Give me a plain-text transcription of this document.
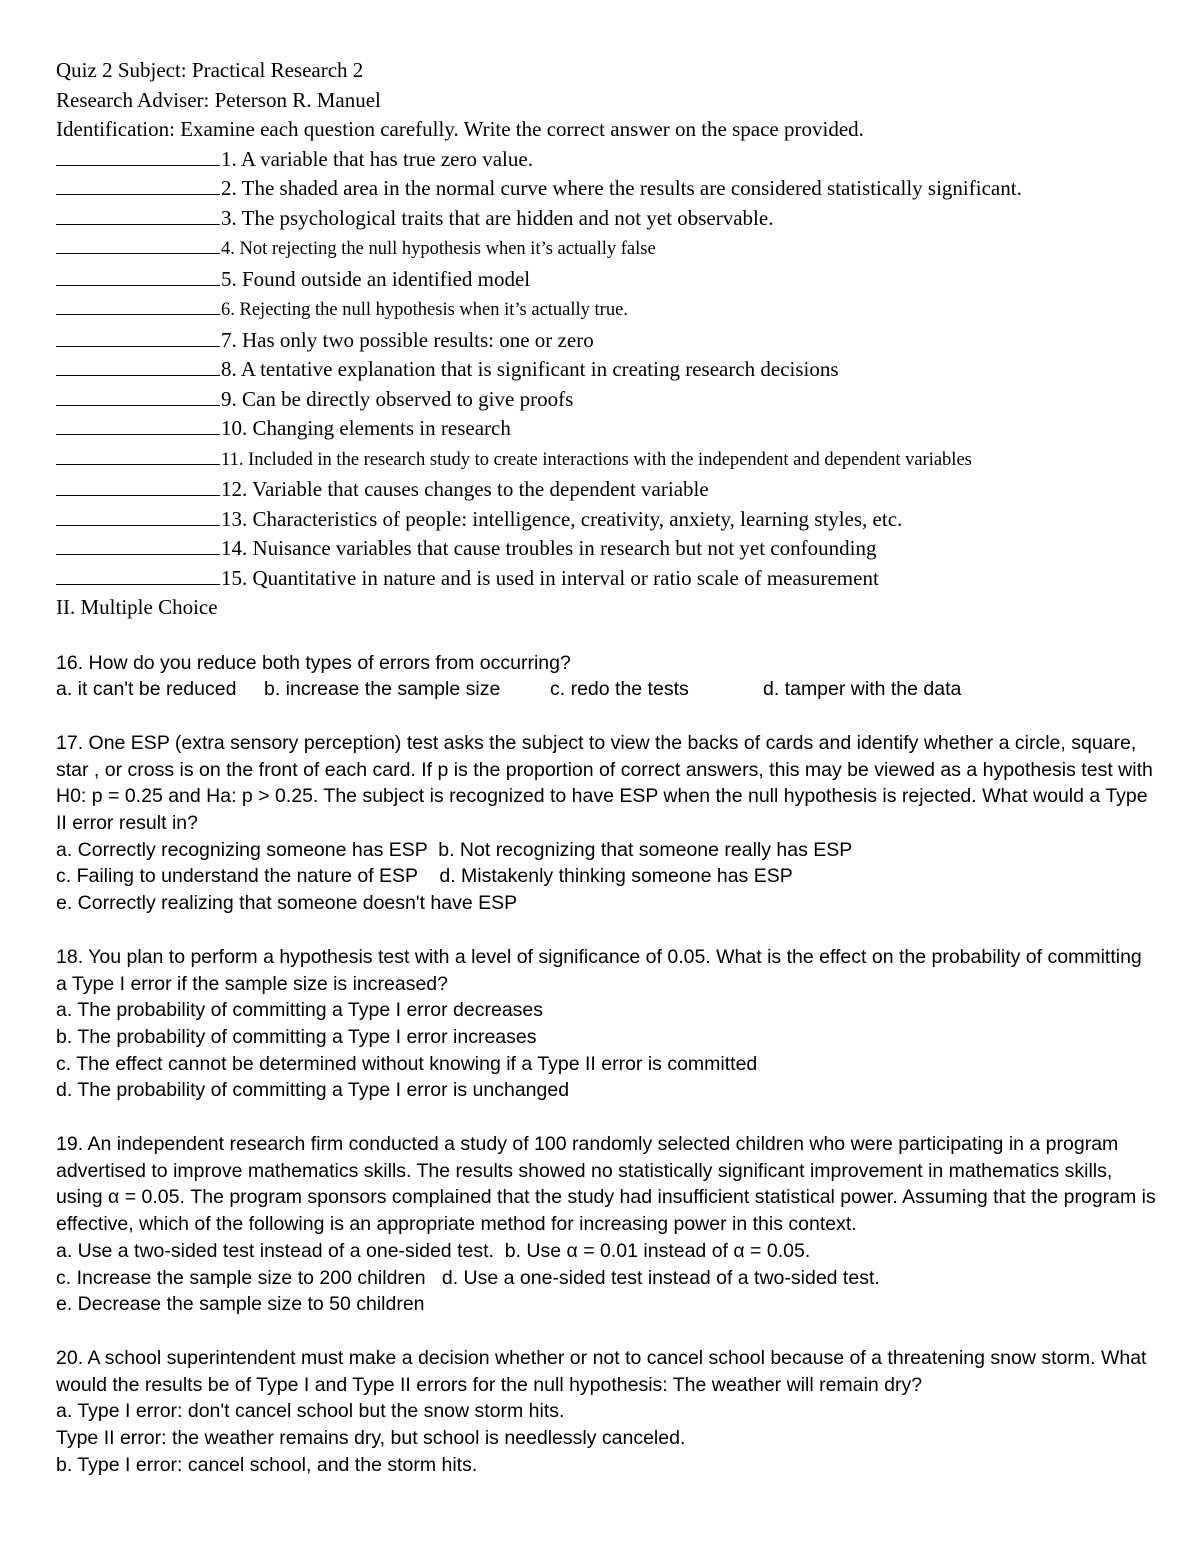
Quiz 2 Subject: Practical Research 2
Research Adviser: Peterson R. Manuel
Identification: Examine each question carefully. Write the correct answer on the space provided.
1. A variable that has true zero value.
2. The shaded area in the normal curve where the results are considered statistically significant.
3. The psychological traits that are hidden and not yet observable.
4. Not rejecting the null hypothesis when it’s actually false
5. Found outside an identified model
6. Rejecting the null hypothesis when it’s actually true.
7. Has only two possible results: one or zero
8. A tentative explanation that is significant in creating research decisions
9. Can be directly observed to give proofs
10. Changing elements in research
11. Included in the research study to create interactions with the independent and dependent variables
12. Variable that causes changes to the dependent variable
13. Characteristics of people: intelligence, creativity, anxiety, learning styles, etc.
14. Nuisance variables that cause troubles in research but not yet confounding
15. Quantitative in nature and is used in interval or ratio scale of measurement
II. Multiple Choice

16. How do you reduce both types of errors from occurring?

a. it can't be reduced b. increase the sample size	c. redo the tests	d. tamper with the data

17. One ESP (extra sensory perception) test asks the subject to view the backs of cards and identify whether a circle, square, star , or cross is on the front of each card. If p is the proportion of correct answers, this may be viewed as a hypothesis test with H0: p = 0.25 and Ha: p > 0.25. The subject is recognized to have ESP when the null hypothesis is rejected. What would a Type II error result in?

a. Correctly recognizing someone has ESP  b. Not recognizing that someone really has ESP

c. Failing to understand the nature of ESP    d. Mistakenly thinking someone has ESP

e. Correctly realizing that someone doesn't have ESP

18. You plan to perform a hypothesis test with a level of significance of 0.05. What is the effect on the probability of committing a Type I error if the sample size is increased?

a. The probability of committing a Type I error decreases

b. The probability of committing a Type I error increases

c. The effect cannot be determined without knowing if a Type II error is committed

d. The probability of committing a Type I error is unchanged

19. An independent research firm conducted a study of 100 randomly selected children who were participating in a program advertised to improve mathematics skills. The results showed no statistically significant improvement in mathematics skills, using α = 0.05. The program sponsors complained that the study had insufficient statistical power. Assuming that the program is effective, which of the following is an appropriate method for increasing power in this context.

a. Use a two-sided test instead of a one-sided test.  b. Use α = 0.01 instead of α = 0.05.

c. Increase the sample size to 200 children   d. Use a one-sided test instead of a two-sided test.

e. Decrease the sample size to 50 children

20. A school superintendent must make a decision whether or not to cancel school because of a threatening snow storm. What would the results be of Type I and Type II errors for the null hypothesis: The weather will remain dry?

a. Type I error: don't cancel school but the snow storm hits.

Type II error: the weather remains dry, but school is needlessly canceled.

b. Type I error: cancel school, and the storm hits.
